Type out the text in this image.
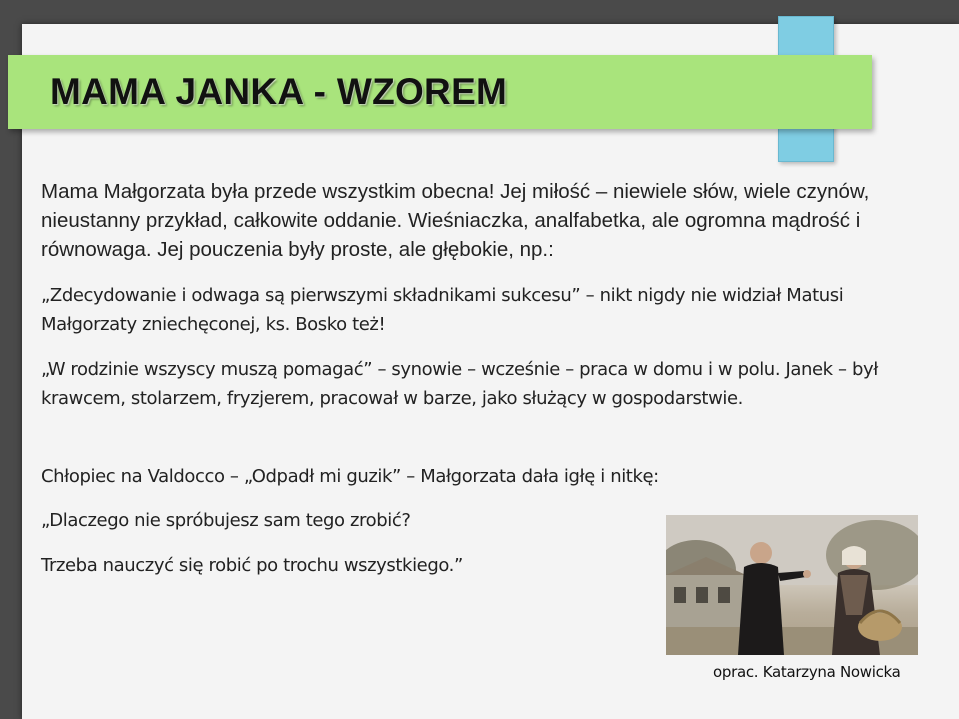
MAMA JANKA - WZOREM
Mama Małgorzata była przede wszystkim obecna! Jej miłość – niewiele słów, wiele czynów, nieustanny przykład, całkowite oddanie. Wieśniaczka, analfabetka, ale ogromna mądrość i równowaga. Jej pouczenia były proste, ale głębokie, np.:
„Zdecydowanie i odwaga są pierwszymi składnikami sukcesu” – nikt nigdy nie widział Matusi Małgorzaty zniechęconej, ks. Bosko też!
„W rodzinie wszyscy muszą pomagać” – synowie – wcześnie – praca w domu i w polu. Janek – był krawcem, stolarzem, fryzjerem, pracował w barze, jako służący w gospodarstwie.
Chłopiec na Valdocco – „Odpadł mi guzik” – Małgorzata dała igłę i nitkę:
„Dlaczego nie spróbujesz sam tego zrobić?
Trzeba nauczyć się robić po trochu wszystkiego.”
oprac. Katarzyna Nowicka
